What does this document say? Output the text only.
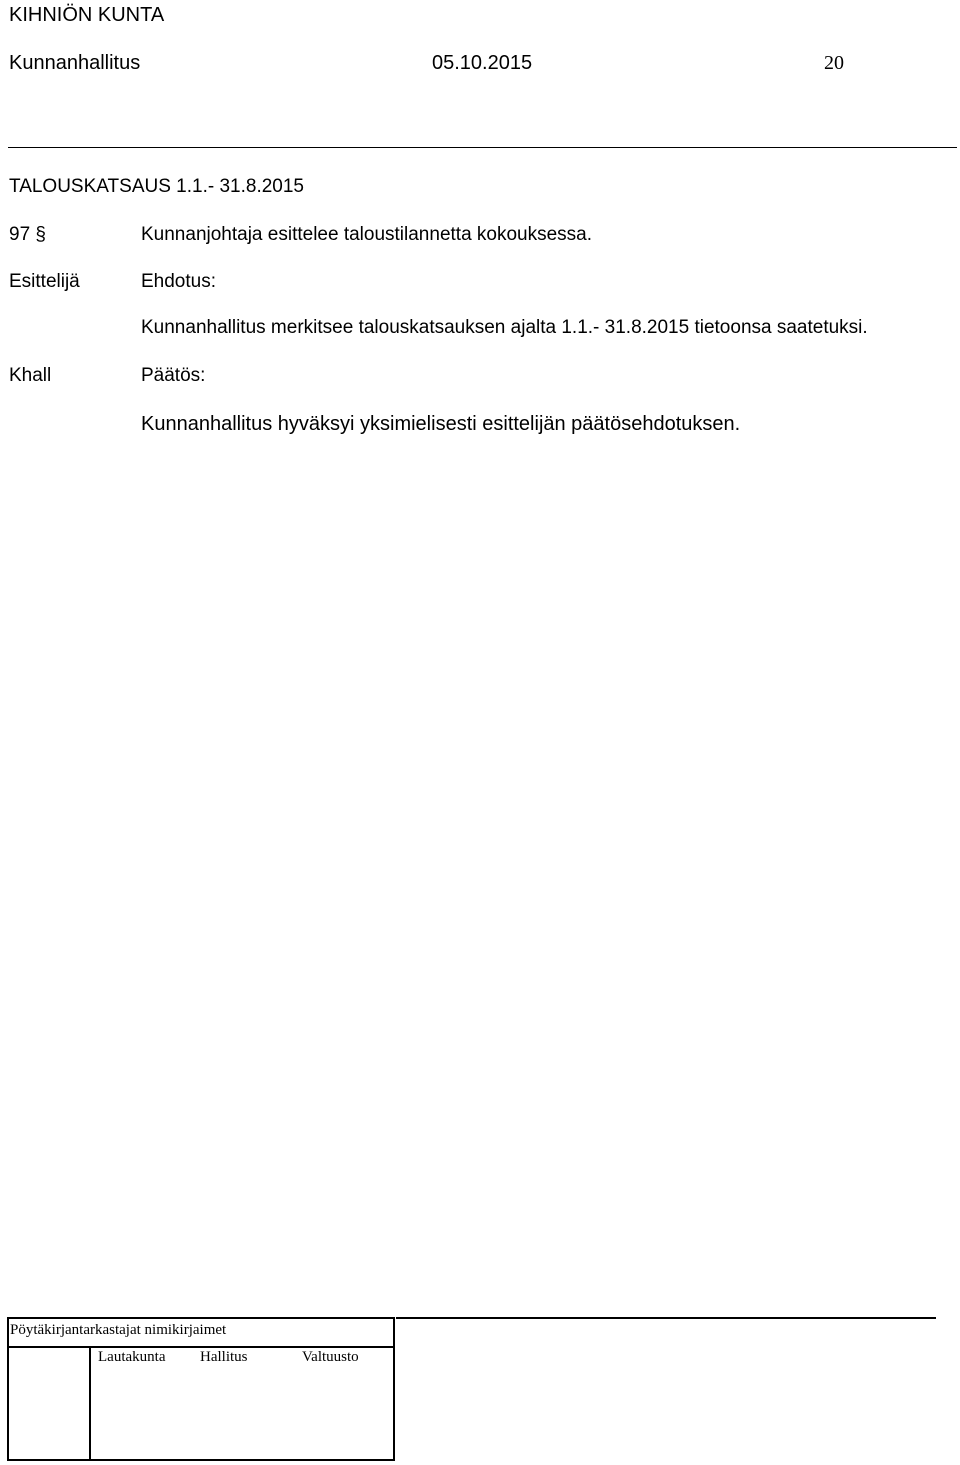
KIHNIÖN KUNTA
Kunnanhallitus	05.10.2015	20
TALOUSKATSAUS 1.1.- 31.8.2015
97 §	Kunnanjohtaja esittelee taloustilannetta kokouksessa.
Esittelijä	Ehdotus:
Kunnanhallitus merkitsee talouskatsauksen ajalta 1.1.- 31.8.2015 tietoonsa saatetuksi.
Khall	Päätös:
Kunnanhallitus hyväksyi yksimielisesti esittelijän päätösehdotuksen.
Pöytäkirjantarkastajat nimikirjaimet
Lautakunta Hallitus	Valtuusto
